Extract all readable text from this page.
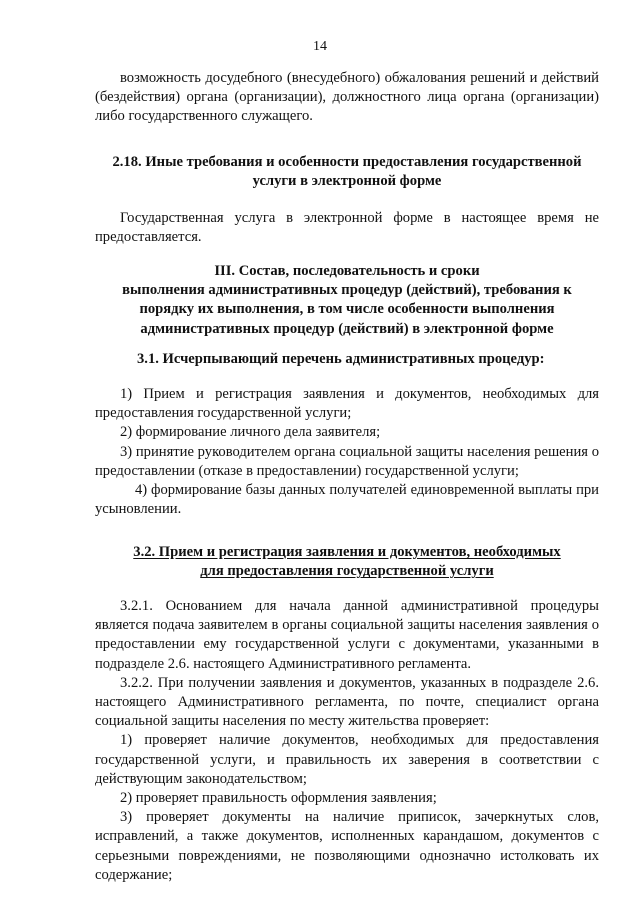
14

возможность досудебного (внесудебного) обжалования решений и действий (бездействия) органа (организации), должностного лица органа (организации) либо государственного служащего.

2.18. Иные требования и особенности предоставления государственной

услуги в электронной форме

Государственная услуга в электронной форме в настоящее время не предоставляется.

III. Состав, последовательность и сроки

выполнения административных процедур (действий), требования к

порядку их выполнения, в том числе особенности выполнения

административных процедур (действий) в электронной форме

3.1. Исчерпывающий перечень административных процедур:

1) Прием и регистрация заявления и документов, необходимых для предоставления государственной услуги;

2) формирование личного дела заявителя;

3) принятие руководителем органа социальной защиты населения решения о предоставлении (отказе в предоставлении) государственной услуги;

4) формирование базы данных получателей единовременной выплаты при усыновлении.

3.2. Прием и регистрация заявления и документов, необходимых

для предоставления государственной услуги

3.2.1. Основанием для начала данной административной процедуры является подача заявителем в органы социальной защиты населения заявления о предоставлении ему государственной услуги с документами, указанными в подразделе 2.6. настоящего Административного регламента.

3.2.2. При получении заявления и документов, указанных в подразделе 2.6. настоящего Административного регламента, по почте, специалист органа социальной защиты населения по месту жительства проверяет:

1) проверяет наличие документов, необходимых для предоставления государственной услуги, и правильность их заверения в соответствии с действующим законодательством;

2) проверяет правильность оформления заявления;

3) проверяет документы на наличие приписок, зачеркнутых слов, исправлений, а также документов, исполненных карандашом, документов с серьезными повреждениями, не позволяющими однозначно истолковать их содержание;
